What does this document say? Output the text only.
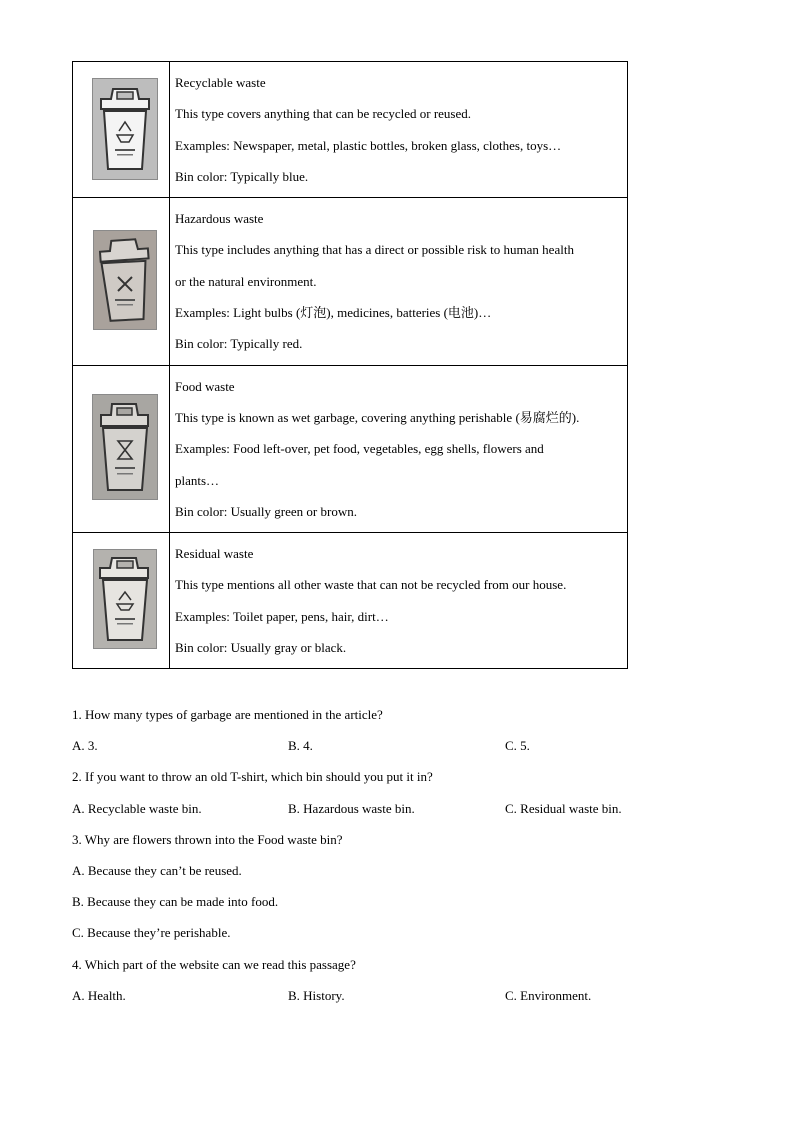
Recyclable waste
This type covers anything that can be recycled or reused.
Examples: Newspaper, metal, plastic bottles, broken glass, clothes, toys…
Bin color: Typically blue.

Hazardous waste
This type includes anything that has a direct or possible risk to human health
or the natural environment.
Examples: Light bulbs (灯泡), medicines, batteries (电池)…
Bin color: Typically red.

Food waste
This type is known as wet garbage, covering anything perishable (易腐烂的).
Examples: Food left-over, pet food, vegetables, egg shells, flowers and
plants…
Bin color: Usually green or brown.

Residual waste
This type mentions all other waste that can not be recycled from our house.
Examples: Toilet paper, pens, hair, dirt…
Bin color: Usually gray or black.
1. How many types of garbage are mentioned in the article?
A. 3.	B. 4.	C. 5.
2. If you want to throw an old T-shirt, which bin should you put it in?
A. Recyclable waste bin.	B. Hazardous waste bin.	C. Residual waste bin.
3. Why are flowers thrown into the Food waste bin?
A. Because they can’t be reused.
B. Because they can be made into food.
C. Because they’re perishable.
4. Which part of the website can we read this passage?
A. Health.	B. History.	C. Environment.
